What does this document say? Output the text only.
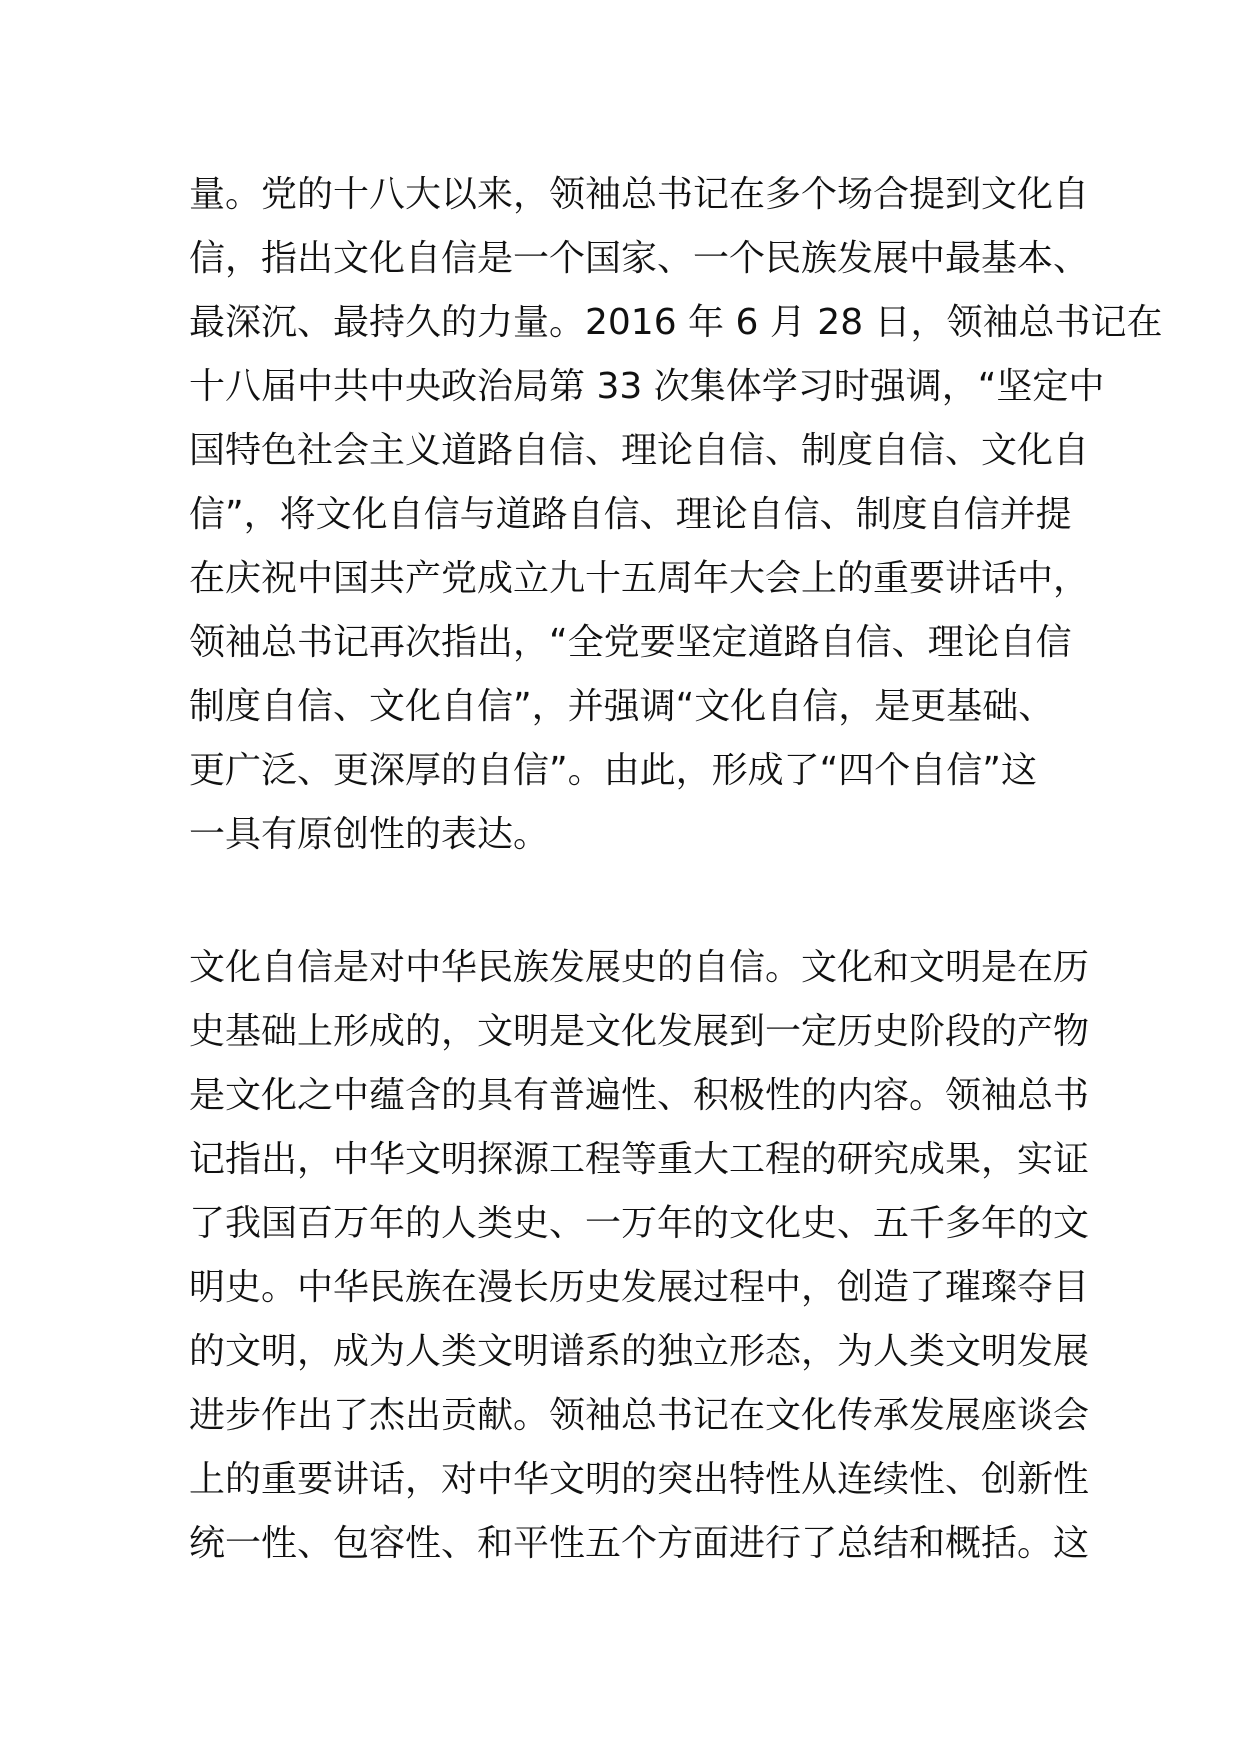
量。党的十八大以来，领袖总书记在多个场合提到文化自
信，指出文化自信是一个国家、一个民族发展中最基本、
最深沉、最持久的力量。2016 年 6 月 28 日，领袖总书记在
十八届中共中央政治局第 33 次集体学习时强调，“坚定中
国特色社会主义道路自信、理论自信、制度自信、文化自
信”，将文化自信与道路自信、理论自信、制度自信并提
在庆祝中国共产党成立九十五周年大会上的重要讲话中，
领袖总书记再次指出，“全党要坚定道路自信、理论自信
制度自信、文化自信”，并强调“文化自信，是更基础、
更广泛、更深厚的自信”。由此，形成了“四个自信”这
一具有原创性的表达。
文化自信是对中华民族发展史的自信。文化和文明是在历
史基础上形成的，文明是文化发展到一定历史阶段的产物
是文化之中蕴含的具有普遍性、积极性的内容。领袖总书
记指出，中华文明探源工程等重大工程的研究成果，实证
了我国百万年的人类史、一万年的文化史、五千多年的文
明史。中华民族在漫长历史发展过程中，创造了璀璨夺目
的文明，成为人类文明谱系的独立形态，为人类文明发展
进步作出了杰出贡献。领袖总书记在文化传承发展座谈会
上的重要讲话，对中华文明的突出特性从连续性、创新性
统一性、包容性、和平性五个方面进行了总结和概括。这
